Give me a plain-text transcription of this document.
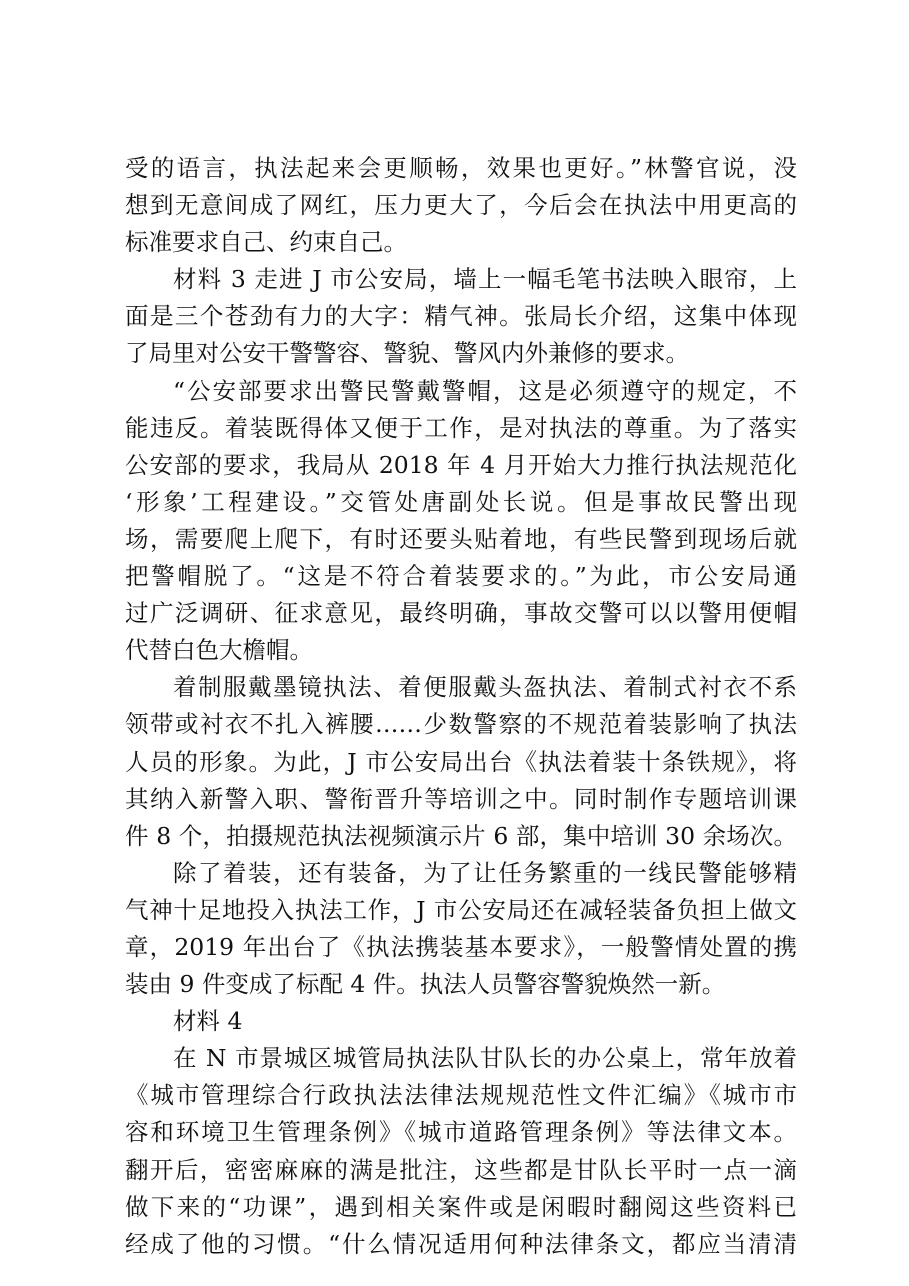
受的语言，执法起来会更顺畅，效果也更好。”林警官说，没
想到无意间成了网红，压力更大了，今后会在执法中用更高的
标准要求自己、约束自己。
材料 3 走进 J 市公安局，墙上一幅毛笔书法映入眼帘，上
面是三个苍劲有力的大字：精气神。张局长介绍，这集中体现
了局里对公安干警警容、警貌、警风内外兼修的要求。
“公安部要求出警民警戴警帽，这是必须遵守的规定，不
能违反。着装既得体又便于工作，是对执法的尊重。为了落实
公安部的要求，我局从 2018 年 4 月开始大力推行执法规范化
‘形象’工程建设。”交管处唐副处长说。但是事故民警出现
场，需要爬上爬下，有时还要头贴着地，有些民警到现场后就
把警帽脱了。“这是不符合着装要求的。”为此，市公安局通
过广泛调研、征求意见，最终明确，事故交警可以以警用便帽
代替白色大檐帽。
着制服戴墨镜执法、着便服戴头盔执法、着制式衬衣不系
领带或衬衣不扎入裤腰……少数警察的不规范着装影响了执法
人员的形象。为此，J 市公安局出台《执法着装十条铁规》，将
其纳入新警入职、警衔晋升等培训之中。同时制作专题培训课
件 8 个，拍摄规范执法视频演示片 6 部，集中培训 30 余场次。
除了着装，还有装备，为了让任务繁重的一线民警能够精
气神十足地投入执法工作，J 市公安局还在减轻装备负担上做文
章，2019 年出台了《执法携装基本要求》，一般警情处置的携
装由 9 件变成了标配 4 件。执法人员警容警貌焕然一新。
材料 4
在 N 市景城区城管局执法队甘队长的办公桌上，常年放着
《城市管理综合行政执法法律法规规范性文件汇编》《城市市
容和环境卫生管理条例》《城市道路管理条例》等法律文本。
翻开后，密密麻麻的满是批注，这些都是甘队长平时一点一滴
做下来的“功课”，遇到相关案件或是闲暇时翻阅这些资料已
经成了他的习惯。“什么情况适用何种法律条文，都应当清清
